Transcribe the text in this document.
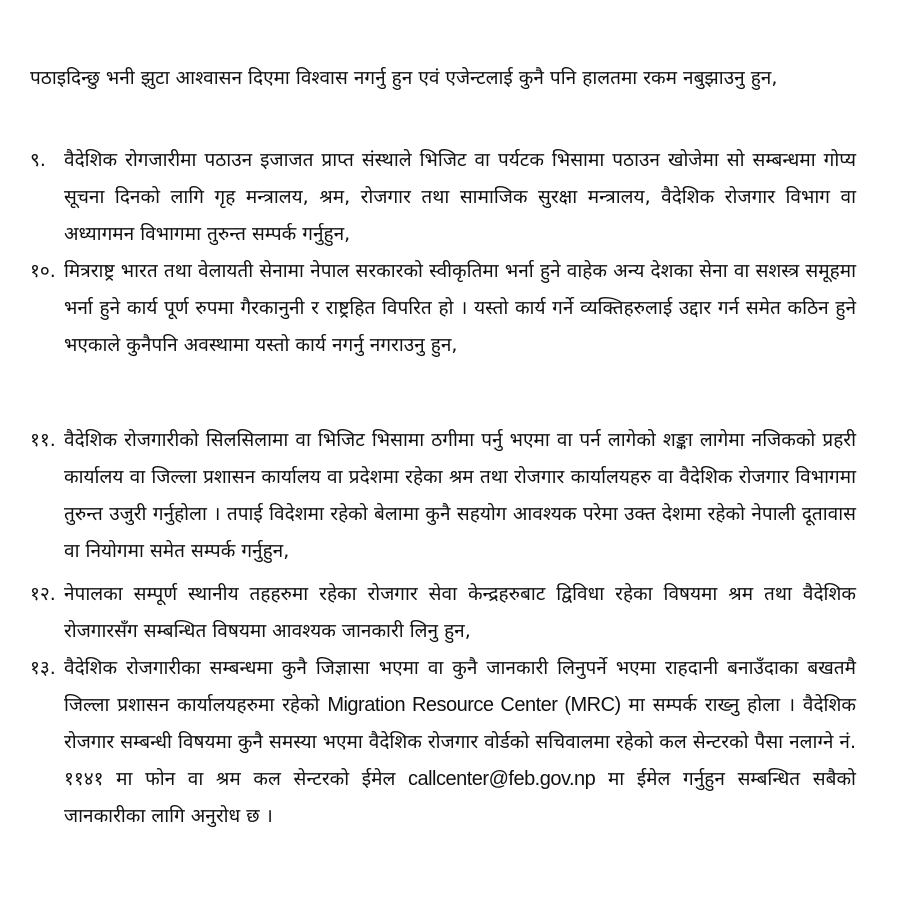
पठाइदिन्छु भनी झुटा आश्वासन दिएमा विश्वास नगर्नु हुन एवं एजेन्टलाई कुनै पनि हालतमा रकम नबुझाउनु हुन,
९. वैदेशिक रोगजारीमा पठाउन इजाजत प्राप्त संस्थाले भिजिट वा पर्यटक भिसामा पठाउन खोजेमा सो सम्बन्धमा गोप्य सूचना दिनको लागि गृह मन्त्रालय, श्रम, रोजगार तथा सामाजिक सुरक्षा मन्त्रालय, वैदेशिक रोजगार विभाग वा अध्यागमन विभागमा तुरुन्त सम्पर्क गर्नुहुन,
१०. मित्रराष्ट्र भारत तथा वेलायती सेनामा नेपाल सरकारको स्वीकृतिमा भर्ना हुने वाहेक अन्य देशका सेना वा सशस्त्र समूहमा भर्ना हुने कार्य पूर्ण रुपमा गैरकानुनी र राष्ट्रहित विपरित हो । यस्तो कार्य गर्ने व्यक्तिहरुलाई उद्दार गर्न समेत कठिन हुने भएकाले कुनैपनि अवस्थामा यस्तो कार्य नगर्नु नगराउनु हुन,
११. वैदेशिक रोजगारीको सिलसिलामा वा भिजिट भिसामा ठगीमा पर्नु भएमा वा पर्न लागेको शङ्का लागेमा नजिकको प्रहरी कार्यालय वा जिल्ला प्रशासन कार्यालय वा प्रदेशमा रहेका श्रम तथा रोजगार कार्यालयहरु वा वैदेशिक रोजगार विभागमा तुरुन्त उजुरी गर्नुहोला । तपाई विदेशमा रहेको बेलामा कुनै सहयोग आवश्यक परेमा उक्त देशमा रहेको नेपाली दूतावास वा नियोगमा समेत सम्पर्क गर्नुहुन,
१२. नेपालका सम्पूर्ण स्थानीय तहहरुमा रहेका रोजगार सेवा केन्द्रहरुबाट द्विविधा रहेका विषयमा श्रम तथा वैदेशिक रोजगारसँग सम्बन्धित विषयमा आवश्यक जानकारी लिनु हुन,
१३. वैदेशिक रोजगारीका सम्बन्धमा कुनै जिज्ञासा भएमा वा कुनै जानकारी लिनुपर्ने भएमा राहदानी बनाउँदाका बखतमै जिल्ला प्रशासन कार्यालयहरुमा रहेको Migration Resource Center (MRC) मा सम्पर्क राख्नु होला । वैदेशिक रोजगार सम्बन्धी विषयमा कुनै समस्या भएमा वैदेशिक रोजगार वोर्डको सचिवालमा रहेको कल सेन्टरको पैसा नलाग्ने नं. ११४१ मा फोन वा श्रम कल सेन्टरको ईमेल callcenter@feb.gov.np मा ईमेल गर्नुहुन सम्बन्धित सबैको जानकारीका लागि अनुरोध छ ।
